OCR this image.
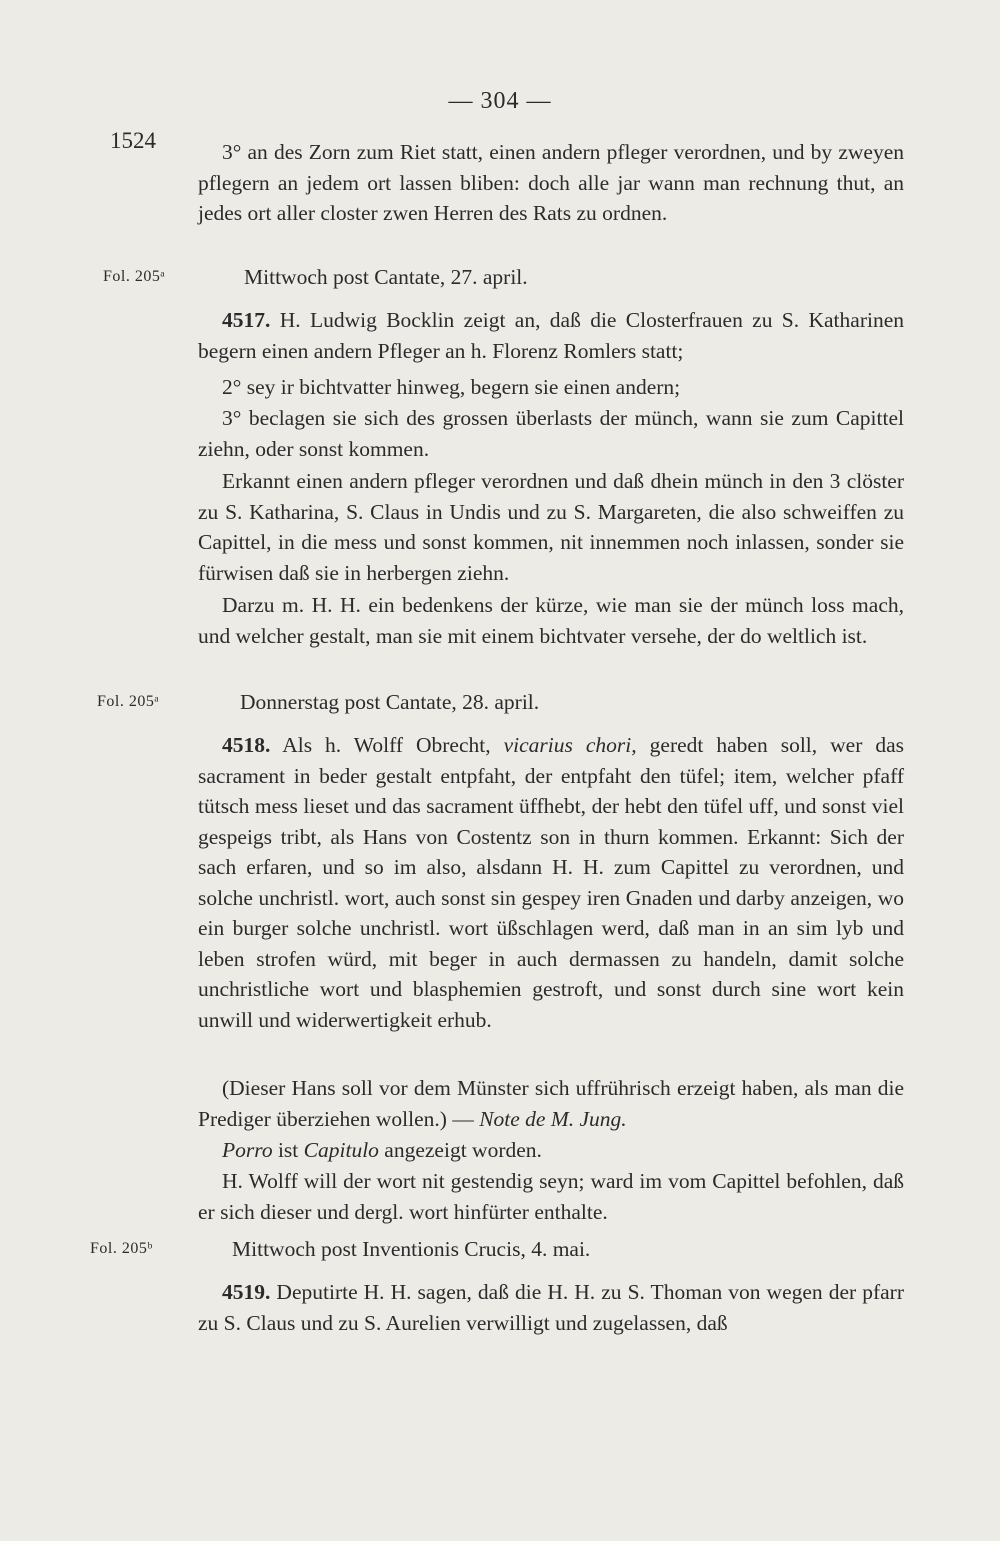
— 304 —
1524	3° an des Zorn zum Riet statt, einen andern pfleger verordnen, und by zweyen pflegern an jedem ort lassen bliben: doch alle jar wann man rechnung thut, an jedes ort aller closter zwen Herren des Rats zu ordnen.

Fol. 205ᵃ	Mittwoch post Cantate, 27. april.

4517. H. Ludwig Bocklin zeigt an, daß die Closterfrauen zu S. Katharinen begern einen andern Pfleger an h. Florenz Romlers statt;

2° sey ir bichtvatter hinweg, begern sie einen andern;

3° beclagen sie sich des grossen überlasts der münch, wann sie zum Capittel ziehn, oder sonst kommen.

Erkannt einen andern pfleger verordnen und daß dhein münch in den 3 clöster zu S. Katharina, S. Claus in Undis und zu S. Margareten, die also schweiffen zu Capittel, in die mess und sonst kommen, nit innemmen noch inlassen, sonder sie fürwisen daß sie in herbergen ziehn.

Darzu m. H. H. ein bedenkens der kürze, wie man sie der münch loss mach, und welcher gestalt, man sie mit einem bichtvater versehe, der do weltlich ist.

Fol. 205ᵃ	Donnerstag post Cantate, 28. april.

4518. Als h. Wolff Obrecht, vicarius chori, geredt haben soll, wer das sacrament in beder gestalt entpfaht, der entpfaht den tüfel; item, welcher pfaff tütsch mess lieset und das sacrament üffhebt, der hebt den tüfel uff, und sonst viel gespeigs tribt, als Hans von Costentz son in thurn kommen. Erkannt: Sich der sach erfaren, und so im also, alsdann H. H. zum Capittel zu verordnen, und solche unchristl. wort, auch sonst sin gespey iren Gnaden und darby anzeigen, wo ein burger solche unchristl. wort üßschlagen werd, daß man in an sim lyb und leben strofen würd, mit beger in auch dermassen zu handeln, damit solche unchristliche wort und blasphemien gestroft, und sonst durch sine wort kein unwill und widerwertigkeit erhub.

(Dieser Hans soll vor dem Münster sich uffrührisch erzeigt haben, als man die Prediger überziehen wollen.) — Note de M. Jung.

Porro ist Capitulo angezeigt worden.

H. Wolff will der wort nit gestendig seyn; ward im vom Capittel befohlen, daß er sich dieser und dergl. wort hinfürter enthalte.

Fol. 205ᵇ	Mittwoch post Inventionis Crucis, 4. mai.

4519. Deputirte H. H. sagen, daß die H. H. zu S. Thoman von wegen der pfarr zu S. Claus und zu S. Aurelien verwilligt und zugelassen, daß
